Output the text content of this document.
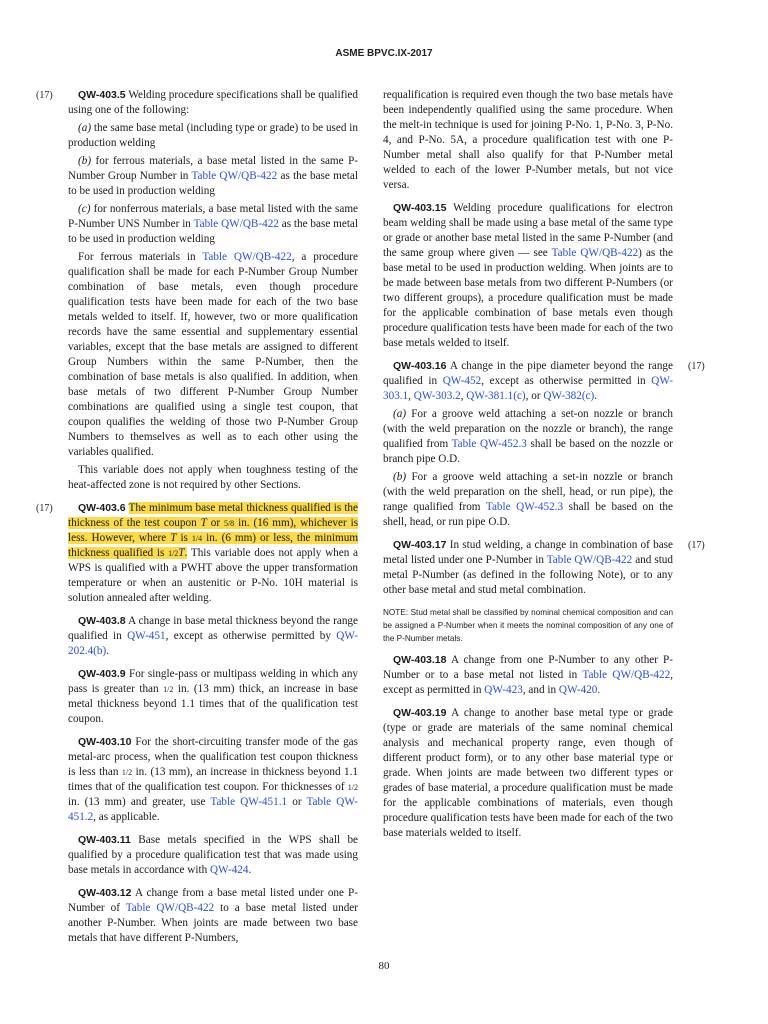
ASME BPVC.IX-2017

(17) QW-403.5 Welding procedure specifications shall be qualified using one of the following:

(a) the same base metal (including type or grade) to be used in production welding

(b) for ferrous materials, a base metal listed in the same P-Number Group Number in Table QW/QB-422 as the base metal to be used in production welding

(c) for nonferrous materials, a base metal listed with the same P-Number UNS Number in Table QW/QB-422 as the base metal to be used in production welding

For ferrous materials in Table QW/QB-422, a procedure qualification shall be made for each P-Number Group Number combination of base metals, even though procedure qualification tests have been made for each of the two base metals welded to itself. If, however, two or more qualification records have the same essential and supplementary essential variables, except that the base metals are assigned to different Group Numbers within the same P-Number, then the combination of base metals is also qualified. In addition, when base metals of two different P-Number Group Number combinations are qualified using a single test coupon, that coupon qualifies the welding of those two P-Number Group Numbers to themselves as well as to each other using the variables qualified.

This variable does not apply when toughness testing of the heat-affected zone is not required by other Sections.

(17) QW-403.6 The minimum base metal thickness qualified is the thickness of the test coupon T or 5/8 in. (16 mm), whichever is less. However, where T is 1/4 in. (6 mm) or less, the minimum thickness qualified is 1/2T. This variable does not apply when a WPS is qualified with a PWHT above the upper transformation temperature or when an austenitic or P-No. 10H material is solution annealed after welding.

QW-403.8 A change in base metal thickness beyond the range qualified in QW-451, except as otherwise permitted by QW-202.4(b).

QW-403.9 For single-pass or multipass welding in which any pass is greater than 1/2 in. (13 mm) thick, an increase in base metal thickness beyond 1.1 times that of the qualification test coupon.

QW-403.10 For the short-circuiting transfer mode of the gas metal-arc process, when the qualification test coupon thickness is less than 1/2 in. (13 mm), an increase in thickness beyond 1.1 times that of the qualification test coupon. For thicknesses of 1/2 in. (13 mm) and greater, use Table QW-451.1 or Table QW-451.2, as applicable.

QW-403.11 Base metals specified in the WPS shall be qualified by a procedure qualification test that was made using base metals in accordance with QW-424.

QW-403.12 A change from a base metal listed under one P-Number of Table QW/QB-422 to a base metal listed under another P-Number. When joints are made between two base metals that have different P-Numbers,

requalification is required even though the two base metals have been independently qualified using the same procedure. When the melt-in technique is used for joining P-No. 1, P-No. 3, P-No. 4, and P-No. 5A, a procedure qualification test with one P-Number metal shall also qualify for that P-Number metal welded to each of the lower P-Number metals, but not vice versa.

QW-403.15 Welding procedure qualifications for electron beam welding shall be made using a base metal of the same type or grade or another base metal listed in the same P-Number (and the same group where given — see Table QW/QB-422) as the base metal to be used in production welding. When joints are to be made between base metals from two different P-Numbers (or two different groups), a procedure qualification must be made for the applicable combination of base metals even though procedure qualification tests have been made for each of the two base metals welded to itself.

(17)
QW-403.16 A change in the pipe diameter beyond the range qualified in QW-452, except as otherwise permitted in QW-303.1, QW-303.2, QW-381.1(c), or QW-382(c).

(a) For a groove weld attaching a set-on nozzle or branch (with the weld preparation on the nozzle or branch), the range qualified from Table QW-452.3 shall be based on the nozzle or branch pipe O.D.

(b) For a groove weld attaching a set-in nozzle or branch (with the weld preparation on the shell, head, or run pipe), the range qualified from Table QW-452.3 shall be based on the shell, head, or run pipe O.D.

(17)
QW-403.17 In stud welding, a change in combination of base metal listed under one P-Number in Table QW/QB-422 and stud metal P-Number (as defined in the following Note), or to any other base metal and stud metal combination.

NOTE: Stud metal shall be classified by nominal chemical composition and can be assigned a P-Number when it meets the nominal composition of any one of the P-Number metals.

QW-403.18 A change from one P-Number to any other P-Number or to a base metal not listed in Table QW/QB-422, except as permitted in QW-423, and in QW-420.

QW-403.19 A change to another base metal type or grade (type or grade are materials of the same nominal chemical analysis and mechanical property range, even though of different product form), or to any other base material type or grade. When joints are made between two different types or grades of base material, a procedure qualification must be made for the applicable combinations of materials, even though procedure qualification tests have been made for each of the two base materials welded to itself.

80
